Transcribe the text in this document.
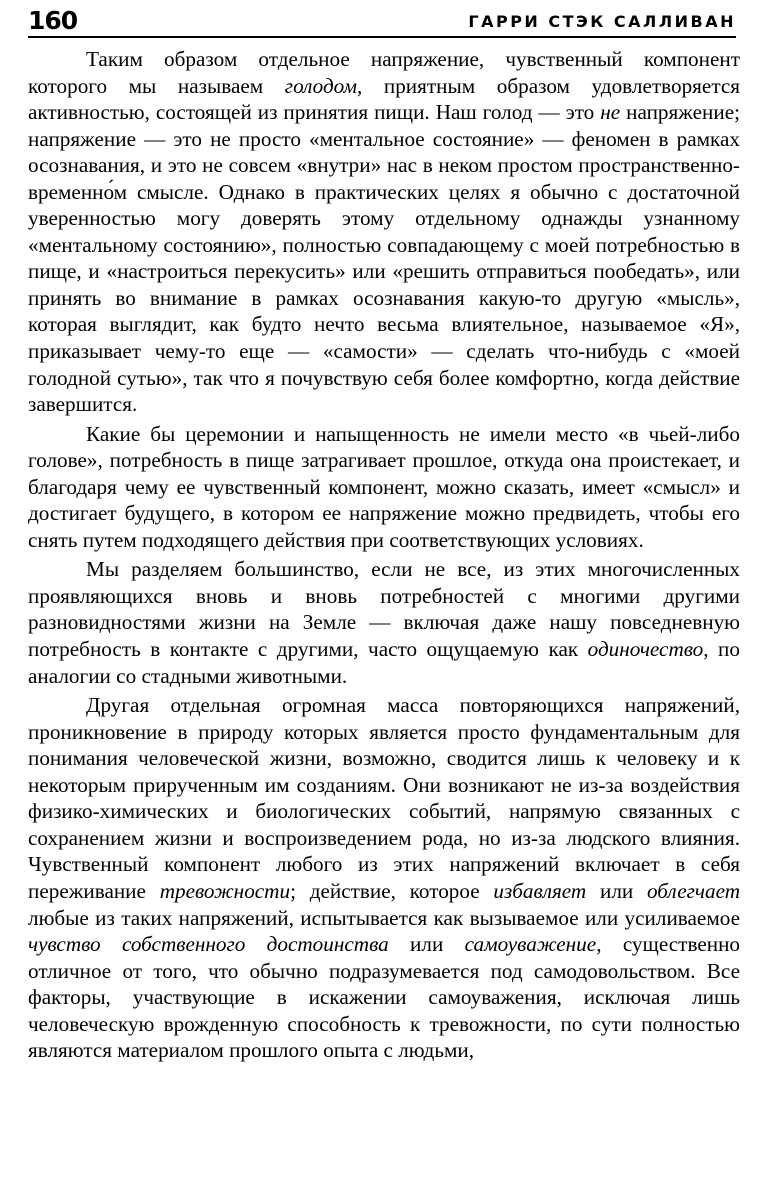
160	ГАРРИ СТЭК САЛЛИВАН

Таким образом отдельное напряжение, чувственный компонент которого мы называем голодом, приятным образом удовлетворяется активностью, состоящей из принятия пищи. Наш голод — это не напряжение; напряжение — это не просто «ментальное состояние» — феномен в рамках осознавания, и это не совсем «внутри» нас в неком простом пространственно-временно́м смысле. Однако в практических целях я обычно с достаточной уверенностью могу доверять этому отдельному однажды узнанному «ментальному состоянию», полностью совпадающему с моей потребностью в пище, и «настроиться перекусить» или «решить отправиться пообедать», или принять во внимание в рамках осознавания какую-то другую «мысль», которая выглядит, как будто нечто весьма влиятельное, называемое «Я», приказывает чему-то еще — «самости» — сделать что-нибудь с «моей голодной сутью», так что я почувствую себя более комфортно, когда действие завершится.

Какие бы церемонии и напыщенность не имели место «в чьей-либо голове», потребность в пище затрагивает прошлое, откуда она проистекает, и благодаря чему ее чувственный компонент, можно сказать, имеет «смысл» и достигает будущего, в котором ее напряжение можно предвидеть, чтобы его снять путем подходящего действия при соответствующих условиях.

Мы разделяем большинство, если не все, из этих многочисленных проявляющихся вновь и вновь потребностей с многими другими разновидностями жизни на Земле — включая даже нашу повседневную потребность в контакте с другими, часто ощущаемую как одиночество, по аналогии со стадными животными.

Другая отдельная огромная масса повторяющихся напряжений, проникновение в природу которых является просто фундаментальным для понимания человеческой жизни, возможно, сводится лишь к человеку и к некоторым прирученным им созданиям. Они возникают не из-за воздействия физико-химических и биологических событий, напрямую связанных с сохранением жизни и воспроизведением рода, но из-за людского влияния. Чувственный компонент любого из этих напряжений включает в себя переживание тревожности; действие, которое избавляет или облегчает любые из таких напряжений, испытывается как вызываемое или усиливаемое чувство собственного достоинства или самоуважение, существенно отличное от того, что обычно подразумевается под самодовольством. Все факторы, участвующие в искажении самоуважения, исключая лишь человеческую врожденную способность к тревожности, по сути полностью являются материалом прошлого опыта с людьми,
